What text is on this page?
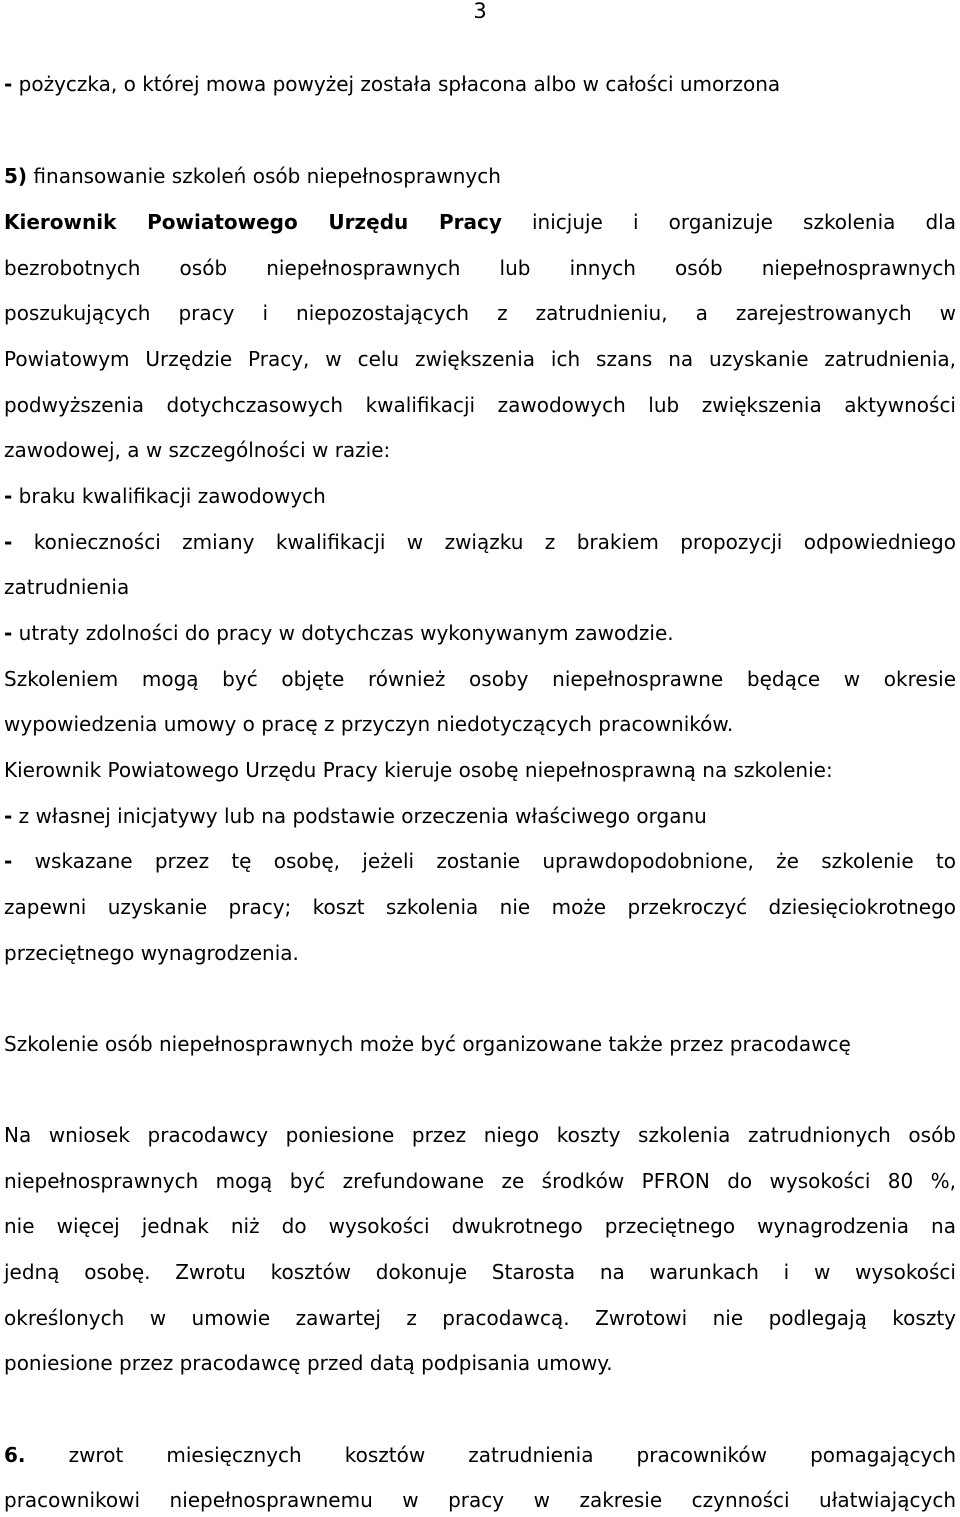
3
- pożyczka, o której mowa powyżej została spłacona albo w całości umorzona
5) finansowanie szkoleń osób niepełnosprawnych
Kierownik Powiatowego Urzędu Pracy inicjuje i organizuje szkolenia dla
bezrobotnych osób niepełnosprawnych lub innych osób niepełnosprawnych
poszukujących pracy i niepozostających z zatrudnieniu, a zarejestrowanych w
Powiatowym Urzędzie Pracy, w celu zwiększenia ich szans na uzyskanie zatrudnienia,
podwyższenia dotychczasowych kwalifikacji zawodowych lub zwiększenia aktywności
zawodowej, a w szczególności w razie:
- braku kwalifikacji zawodowych
- konieczności zmiany kwalifikacji w związku z brakiem propozycji odpowiedniego
zatrudnienia
- utraty zdolności do pracy w dotychczas wykonywanym zawodzie.
Szkoleniem mogą być objęte również osoby niepełnosprawne będące w okresie
wypowiedzenia umowy o pracę z przyczyn niedotyczących pracowników.
Kierownik Powiatowego Urzędu Pracy kieruje osobę niepełnosprawną na szkolenie:
- z własnej inicjatywy lub na podstawie orzeczenia właściwego organu
- wskazane przez tę osobę, jeżeli zostanie uprawdopodobnione, że szkolenie to
zapewni uzyskanie pracy; koszt szkolenia nie może przekroczyć dziesięciokrotnego
przeciętnego wynagrodzenia.
Szkolenie osób niepełnosprawnych może być organizowane także przez pracodawcę
Na wniosek pracodawcy poniesione przez niego koszty szkolenia zatrudnionych osób
niepełnosprawnych mogą być zrefundowane ze środków PFRON do wysokości 80 %,
nie więcej jednak niż do wysokości dwukrotnego przeciętnego wynagrodzenia na
jedną osobę. Zwrotu kosztów dokonuje Starosta na warunkach i w wysokości
określonych w umowie zawartej z pracodawcą. Zwrotowi nie podlegają koszty
poniesione przez pracodawcę przed datą podpisania umowy.
6. zwrot miesięcznych kosztów zatrudnienia pracowników pomagających
pracownikowi niepełnosprawnemu w pracy w zakresie czynności ułatwiających
